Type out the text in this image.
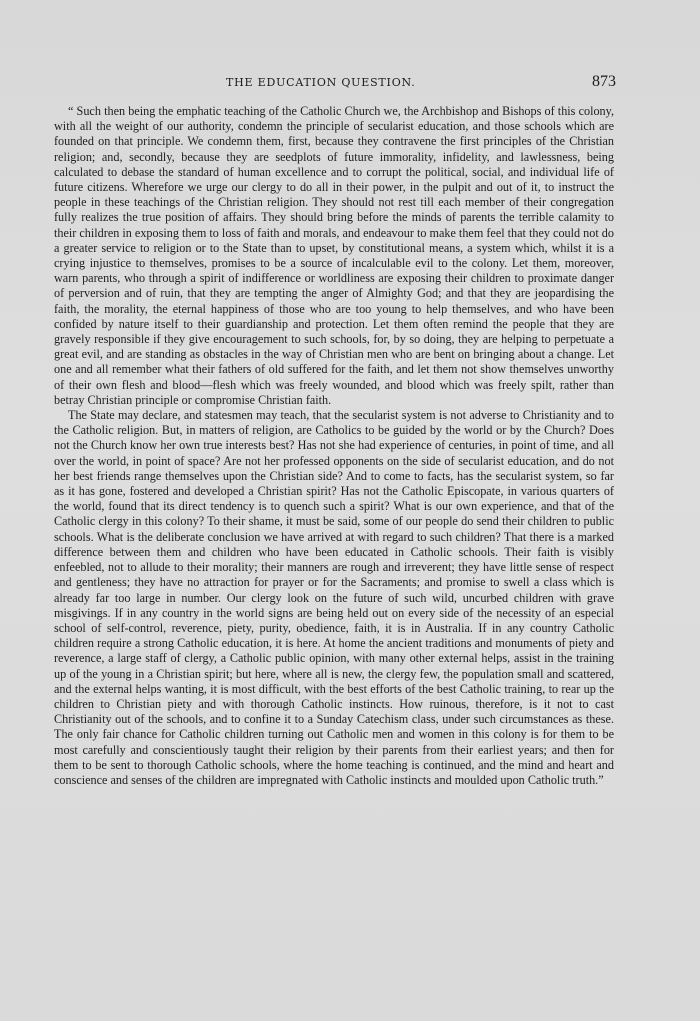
THE EDUCATION QUESTION.	873

“ Such then being the emphatic teaching of the Catholic Church we, the Archbishop and Bishops of this colony, with all the weight of our authority, condemn the principle of secularist education, and those schools which are founded on that principle. We condemn them, first, because they contravene the first principles of the Christian religion; and, secondly, because they are seedplots of future immorality, infidelity, and lawlessness, being calculated to debase the standard of human excellence and to corrupt the political, social, and individual life of future citizens. Wherefore we urge our clergy to do all in their power, in the pulpit and out of it, to instruct the people in these teachings of the Christian religion. They should not rest till each member of their congregation fully realizes the true position of affairs. They should bring before the minds of parents the terrible calamity to their children in exposing them to loss of faith and morals, and endeavour to make them feel that they could not do a greater service to religion or to the State than to upset, by constitutional means, a system which, whilst it is a crying injustice to themselves, promises to be a source of incalculable evil to the colony. Let them, moreover, warn parents, who through a spirit of indifference or worldliness are exposing their children to proximate danger of perversion and of ruin, that they are tempting the anger of Almighty God; and that they are jeopardising the faith, the morality, the eternal happiness of those who are too young to help themselves, and who have been confided by nature itself to their guardianship and protection. Let them often remind the people that they are gravely responsible if they give encouragement to such schools, for, by so doing, they are helping to perpetuate a great evil, and are standing as obstacles in the way of Christian men who are bent on bringing about a change. Let one and all remember what their fathers of old suffered for the faith, and let them not show themselves unworthy of their own flesh and blood—flesh which was freely wounded, and blood which was freely spilt, rather than betray Christian principle or compromise Christian faith.

The State may declare, and statesmen may teach, that the secularist system is not adverse to Christianity and to the Catholic religion. But, in matters of religion, are Catholics to be guided by the world or by the Church? Does not the Church know her own true interests best? Has not she had experience of centuries, in point of time, and all over the world, in point of space? Are not her professed opponents on the side of secularist education, and do not her best friends range themselves upon the Christian side? And to come to facts, has the secularist system, so far as it has gone, fostered and developed a Christian spirit? Has not the Catholic Episcopate, in various quarters of the world, found that its direct tendency is to quench such a spirit? What is our own experience, and that of the Catholic clergy in this colony? To their shame, it must be said, some of our people do send their children to public schools. What is the deliberate conclusion we have arrived at with regard to such children? That there is a marked difference between them and children who have been educated in Catholic schools. Their faith is visibly enfeebled, not to allude to their morality; their manners are rough and irreverent; they have little sense of respect and gentleness; they have no attraction for prayer or for the Sacraments; and promise to swell a class which is already far too large in number. Our clergy look on the future of such wild, uncurbed children with grave misgivings. If in any country in the world signs are being held out on every side of the necessity of an especial school of self-control, reverence, piety, purity, obedience, faith, it is in Australia. If in any country Catholic children require a strong Catholic education, it is here. At home the ancient traditions and monuments of piety and reverence, a large staff of clergy, a Catholic public opinion, with many other external helps, assist in the training up of the young in a Christian spirit; but here, where all is new, the clergy few, the population small and scattered, and the external helps wanting, it is most difficult, with the best efforts of the best Catholic training, to rear up the children to Christian piety and with thorough Catholic instincts. How ruinous, therefore, is it not to cast Christianity out of the schools, and to confine it to a Sunday Catechism class, under such circumstances as these. The only fair chance for Catholic children turning out Catholic men and women in this colony is for them to be most carefully and conscientiously taught their religion by their parents from their earliest years; and then for them to be sent to thorough Catholic schools, where the home teaching is continued, and the mind and heart and conscience and senses of the children are impregnated with Catholic instincts and moulded upon Catholic truth.”
